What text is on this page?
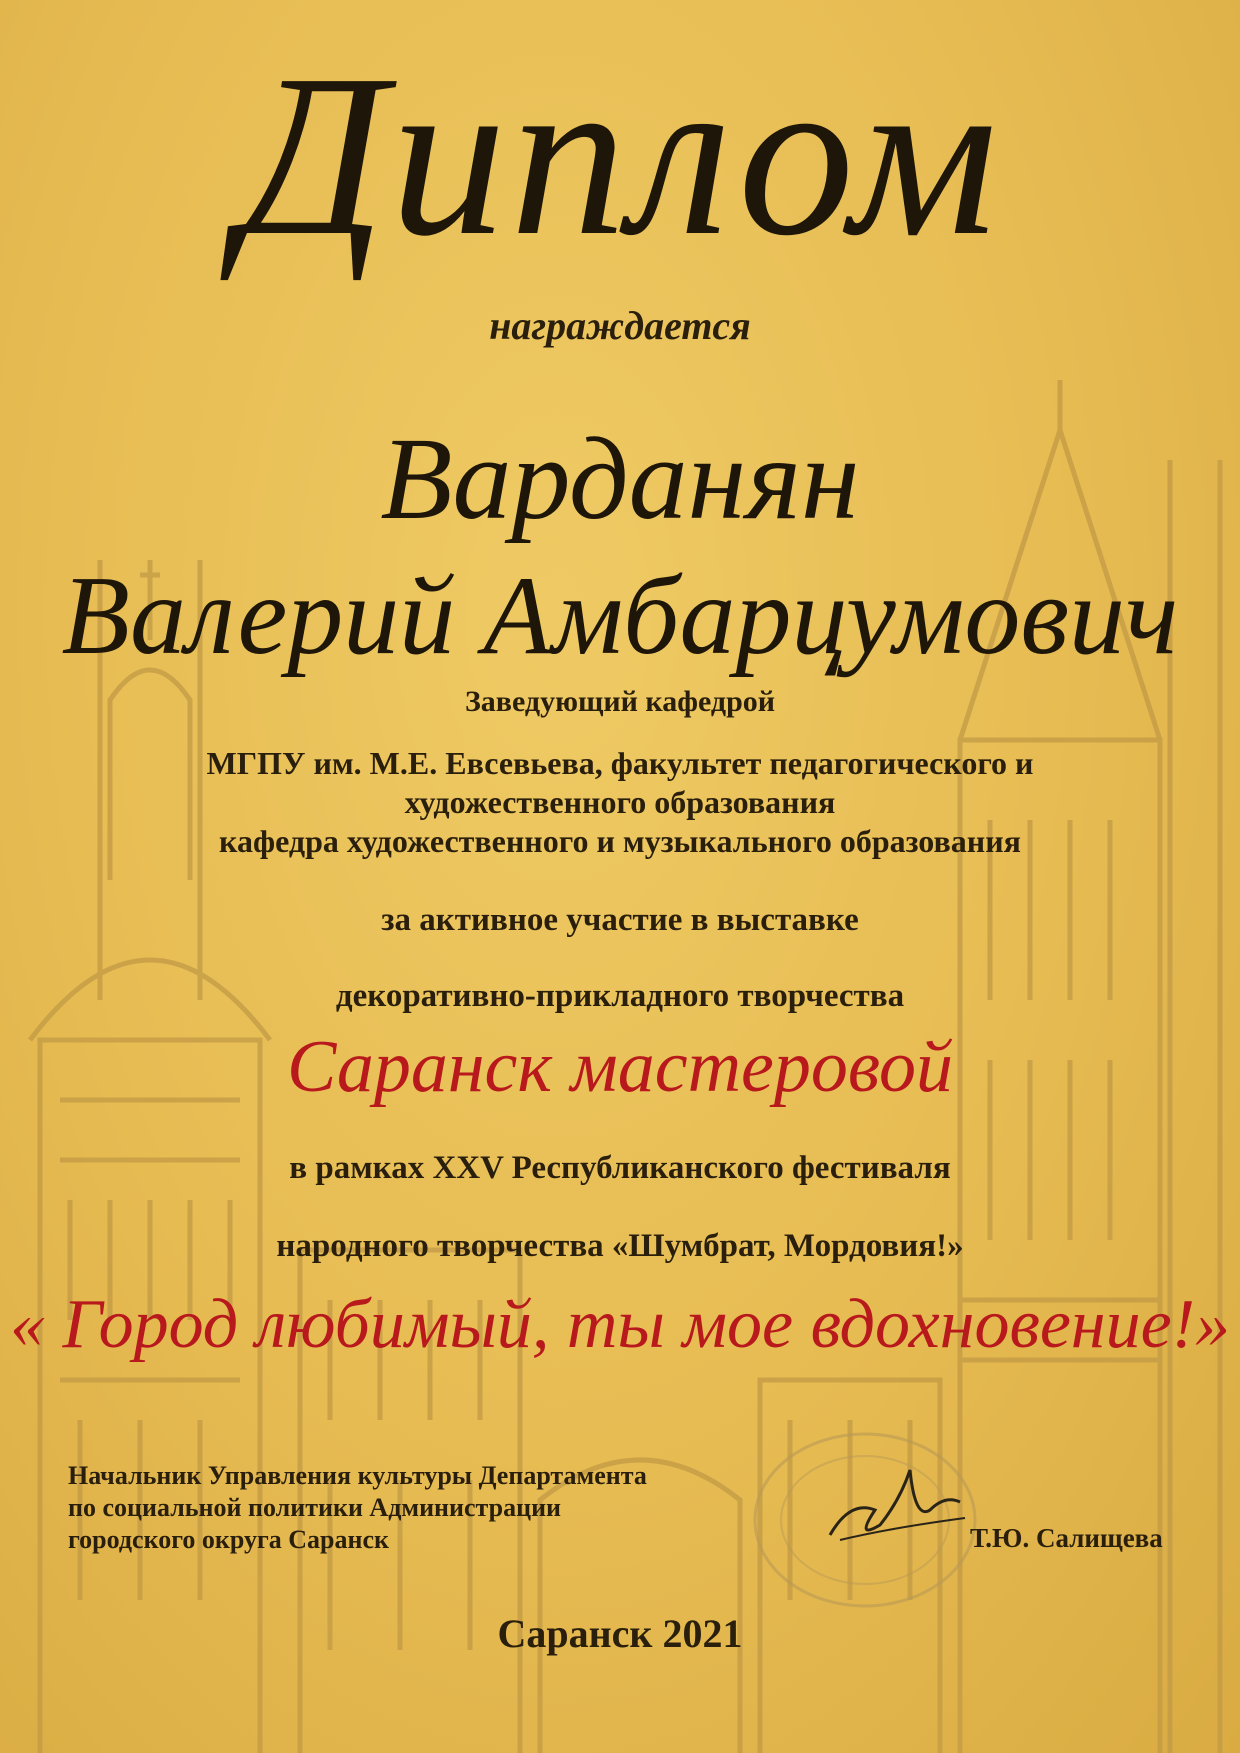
Диплом
награждается
Варданян
Валерий Амбарцумович
Заведующий кафедрой
МГПУ им. М.Е. Евсевьева, факультет педагогического и
художественного образования
кафедра художественного и музыкального образования
за активное участие в выставке
декоративно-прикладного творчества
Саранск мастеровой
в рамках XXV Республиканского фестиваля
народного творчества «Шумбрат, Мордовия!»
« Город любимый, ты мое вдохновение!»
Начальник Управления культуры Департамента
по социальной политики Администрации
городского округа Саранск	Т.Ю. Салищева
Саранск 2021
